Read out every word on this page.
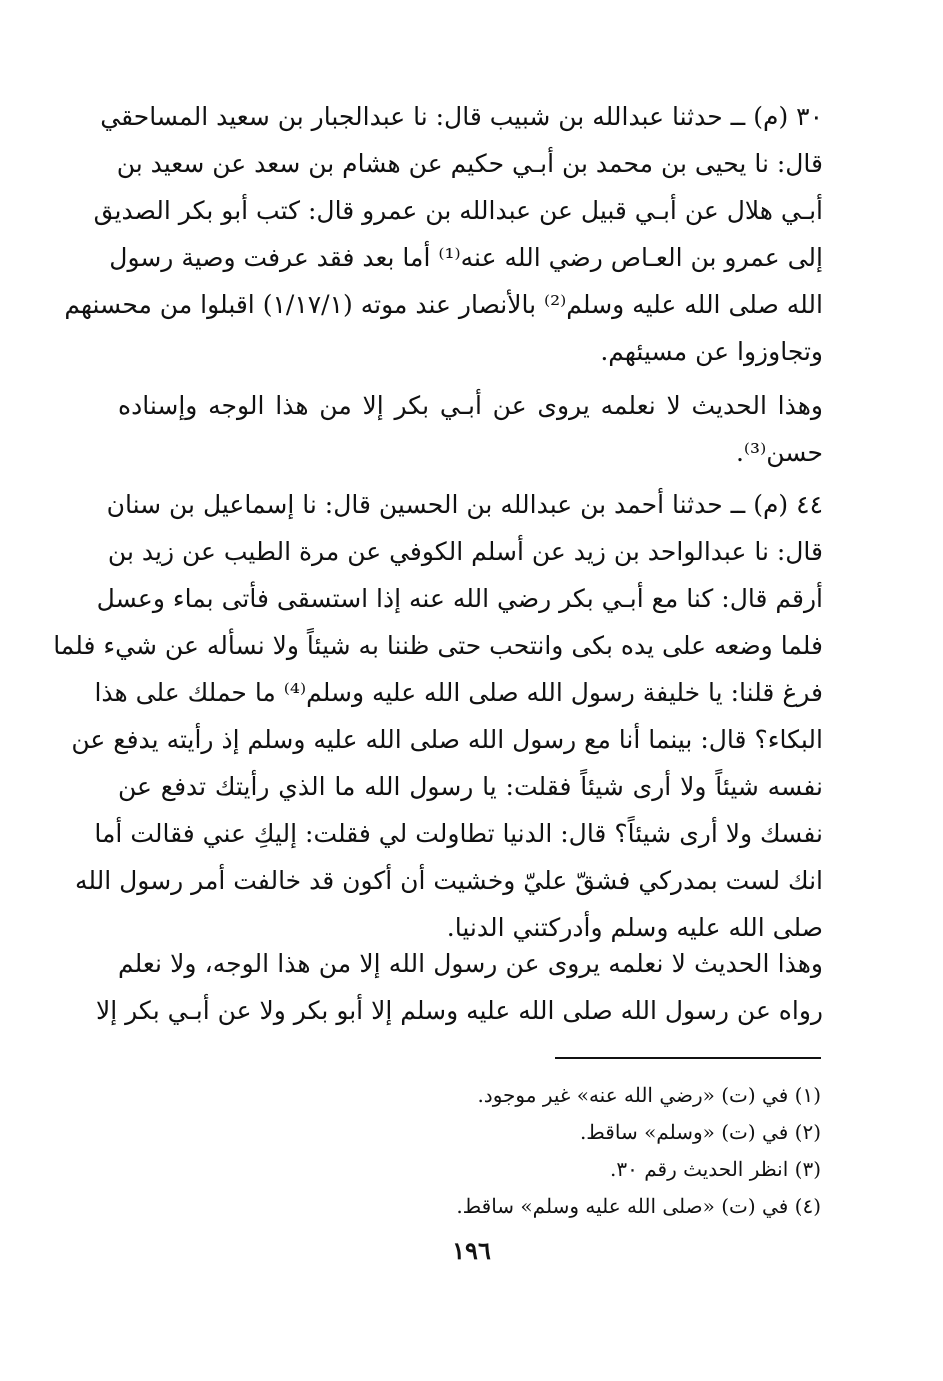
٣٠ (م) ــ حدثنا عبدالله بن شبيب قال: نا عبدالجبار بن سعيد المساحقي
قال: نا يحيى بن محمد بن أبـي حكيم عن هشام بن سعد عن سعيد بن
أبـي هلال عن أبـي قبيل عن عبدالله بن عمرو قال: كتب أبو بكر الصديق
إلى عمرو بن العـاص رضي الله عنه⁽¹⁾ أما بعد فقد عرفت وصية رسول
الله صلى الله عليه وسلم⁽²⁾ بالأنصار عند موته (١/١٧/١) اقبلوا من محسنهم
وتجاوزوا عن مسيئهم.
وهذا الحديث لا نعلمه يروى عن أبـي بكر إلا من هذا الوجه وإسناده
حسن⁽³⁾.
٤٤ (م) ــ حدثنا أحمد بن عبدالله بن الحسين قال: نا إسماعيل بن سنان
قال: نا عبدالواحد بن زيد عن أسلم الكوفي عن مرة الطيب عن زيد بن
أرقم قال: كنا مع أبـي بكر رضي الله عنه إذا استسقى فأتى بماء وعسل
فلما وضعه على يده بكى وانتحب حتى ظننا به شيئاً ولا نسأله عن شيء فلما
فرغ قلنا: يا خليفة رسول الله صلى الله عليه وسلم⁽⁴⁾ ما حملك على هذا
البكاء؟ قال: بينما أنا مع رسول الله صلى الله عليه وسلم إذ رأيته يدفع عن
نفسه شيئاً ولا أرى شيئاً فقلت: يا رسول الله ما الذي رأيتك تدفع عن
نفسك ولا أرى شيئاً؟ قال: الدنيا تطاولت لي فقلت: إليكِ عني فقالت أما
انك لست بمدركي فشقّ عليّ وخشيت أن أكون قد خالفت أمر رسول الله
صلى الله عليه وسلم وأدركتني الدنيا.
وهذا الحديث لا نعلمه يروى عن رسول الله إلا من هذا الوجه، ولا نعلم
رواه عن رسول الله صلى الله عليه وسلم إلا أبو بكر ولا عن أبـي بكر إلا
(١) في (ت) «رضي الله عنه» غير موجود.
(٢) في (ت) «وسلم» ساقط.
(٣) انظر الحديث رقم ٣٠.
(٤) في (ت) «صلى الله عليه وسلم» ساقط.
١٩٦
